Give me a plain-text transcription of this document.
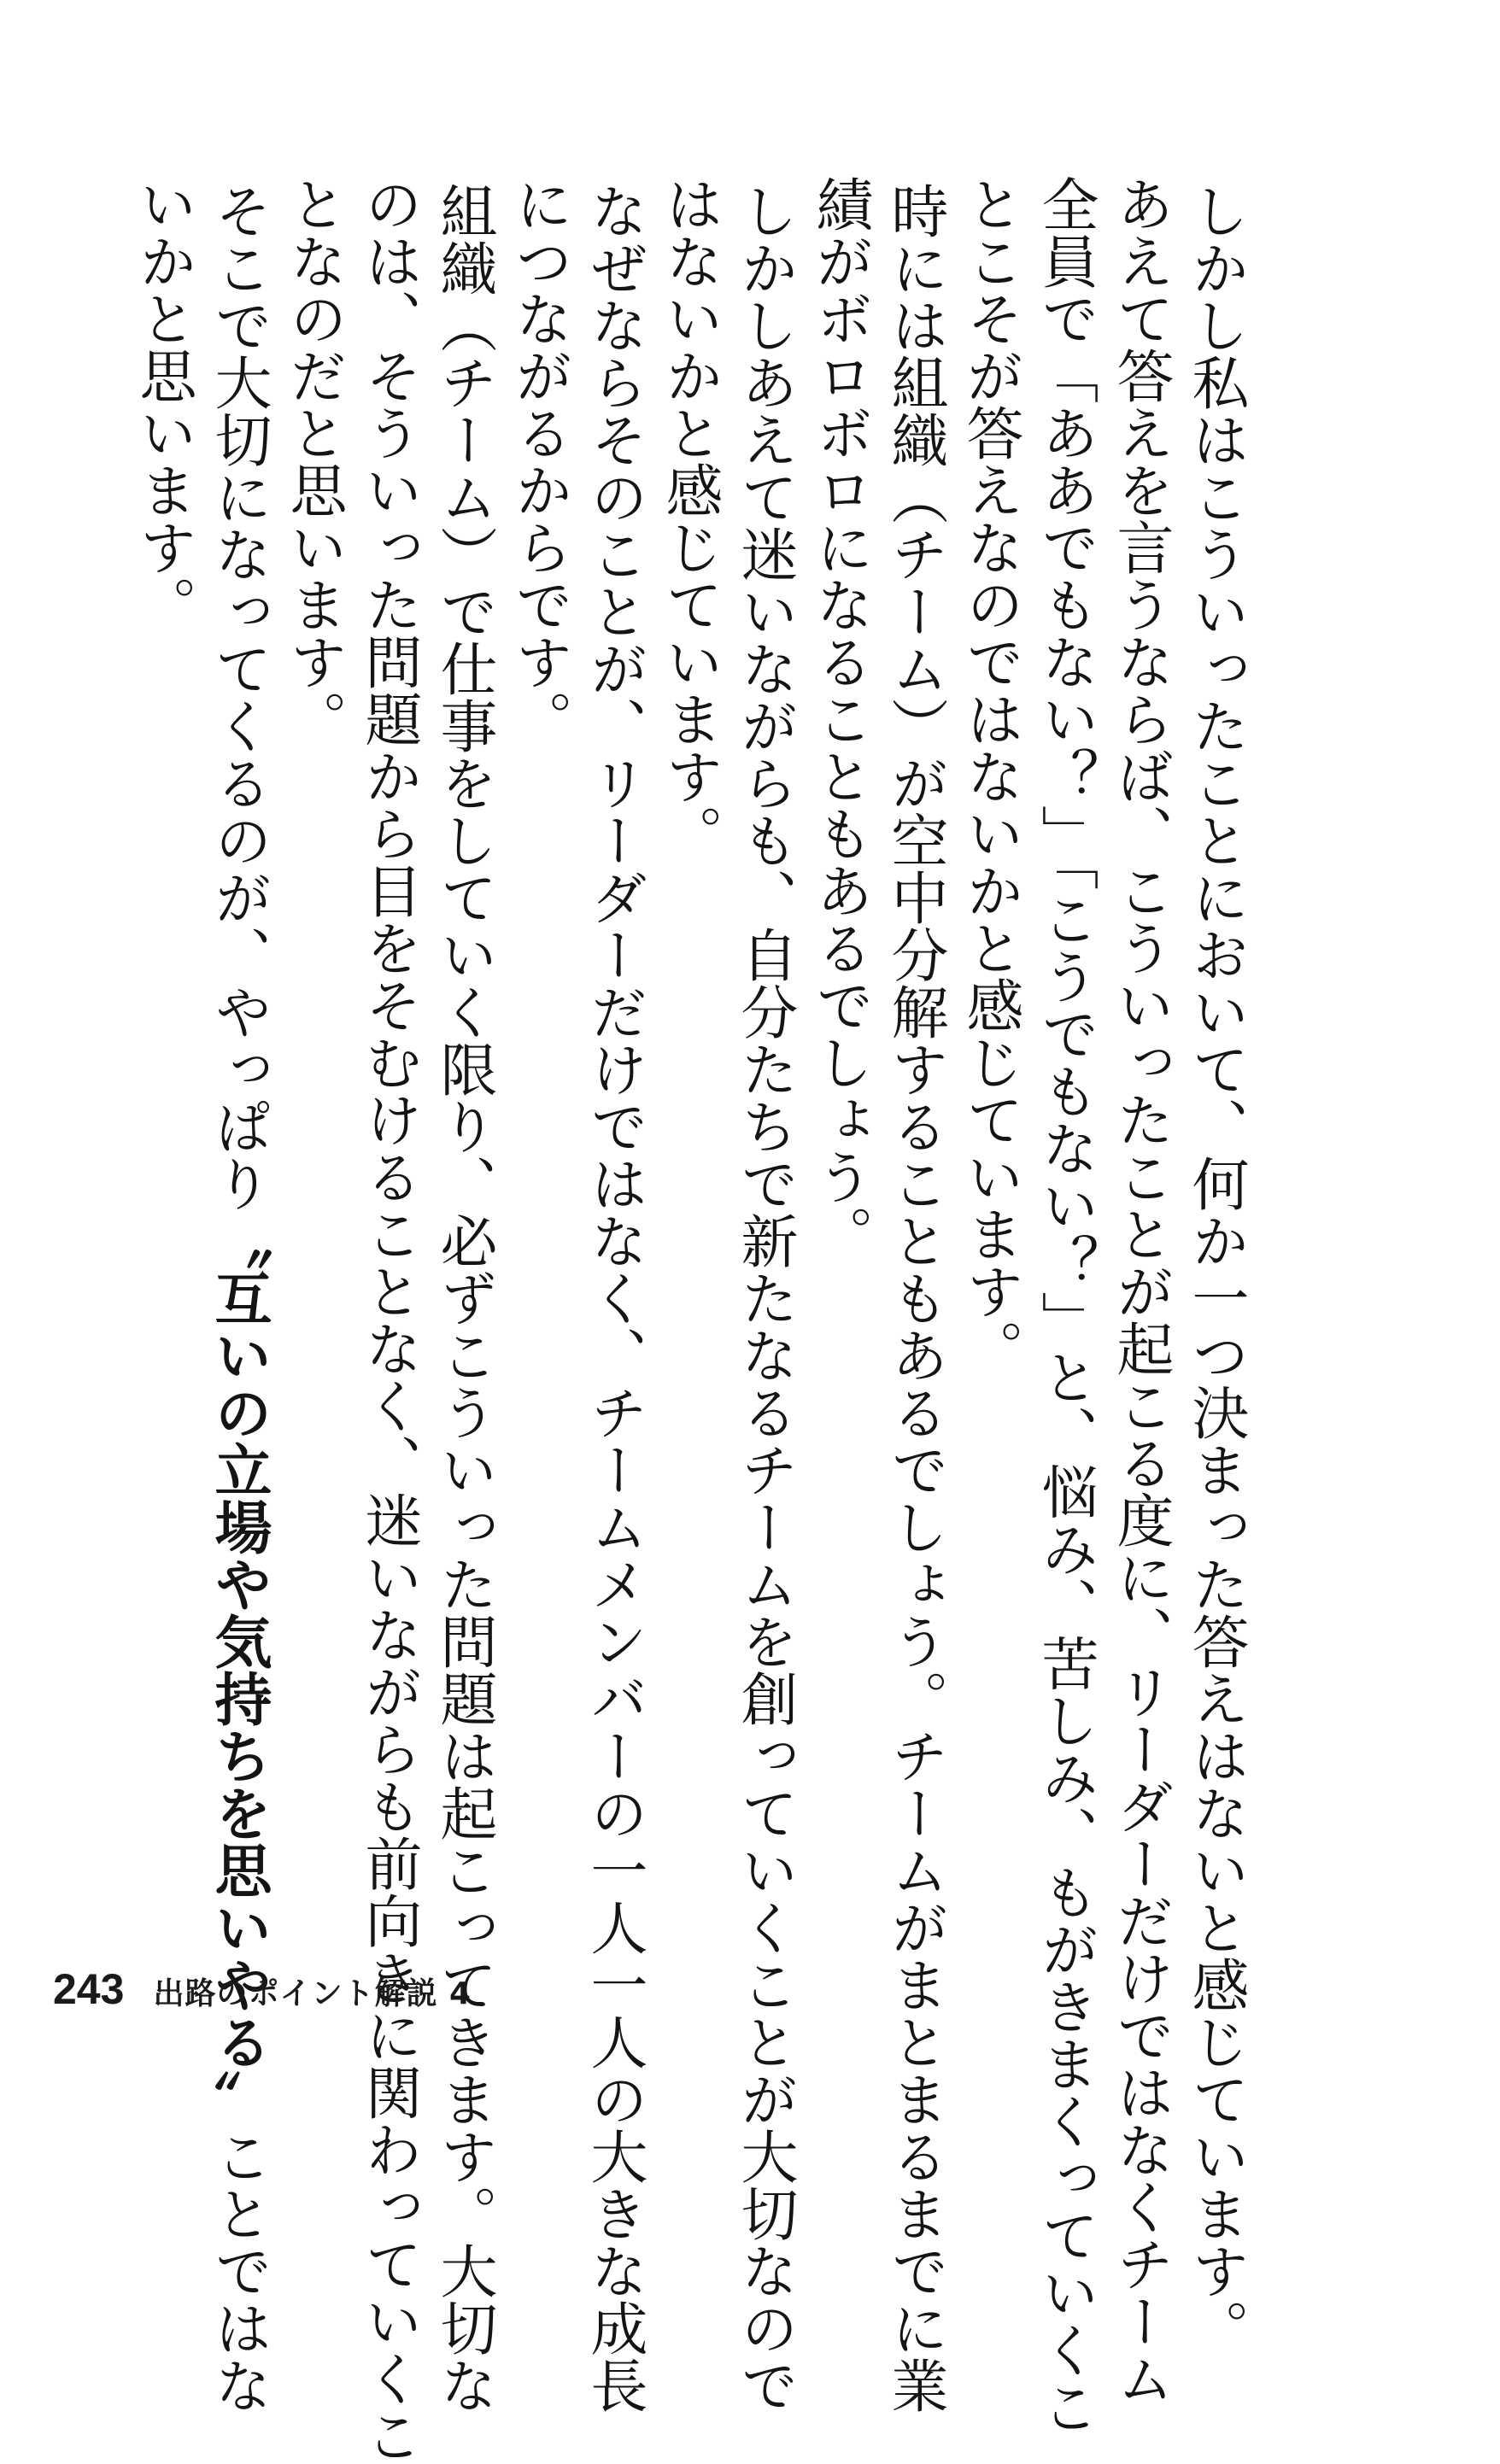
しかし私はこういったことにおいて、何か一つ決まった答えはないと感じています。
あえて答えを言うならば、こういったことが起こる度に、リーダーだけではなくチーム
全員で「ああでもない？」「こうでもない？」と、悩み、苦しみ、もがきまくっていくこ
とこそが答えなのではないかと感じています。
時には組織（チーム）が空中分解することもあるでしょう。チームがまとまるまでに業
績がボロボロになることもあるでしょう。
しかしあえて迷いながらも、自分たちで新たなるチームを創っていくことが大切なので
はないかと感じています。
なぜならそのことが、リーダーだけではなく、チームメンバーの一人一人の大きな成長
につながるからです。
組織（チーム）で仕事をしていく限り、必ずこういった問題は起こってきます。大切な
のは、そういった問題から目をそむけることなく、迷いながらも前向きに関わっていくこ
となのだと思います。
そこで大切になってくるのが、やっぱり〝互いの立場や気持ちを思いやる〟ことではな
いかと思います。
243 出路のポイント解説 4
